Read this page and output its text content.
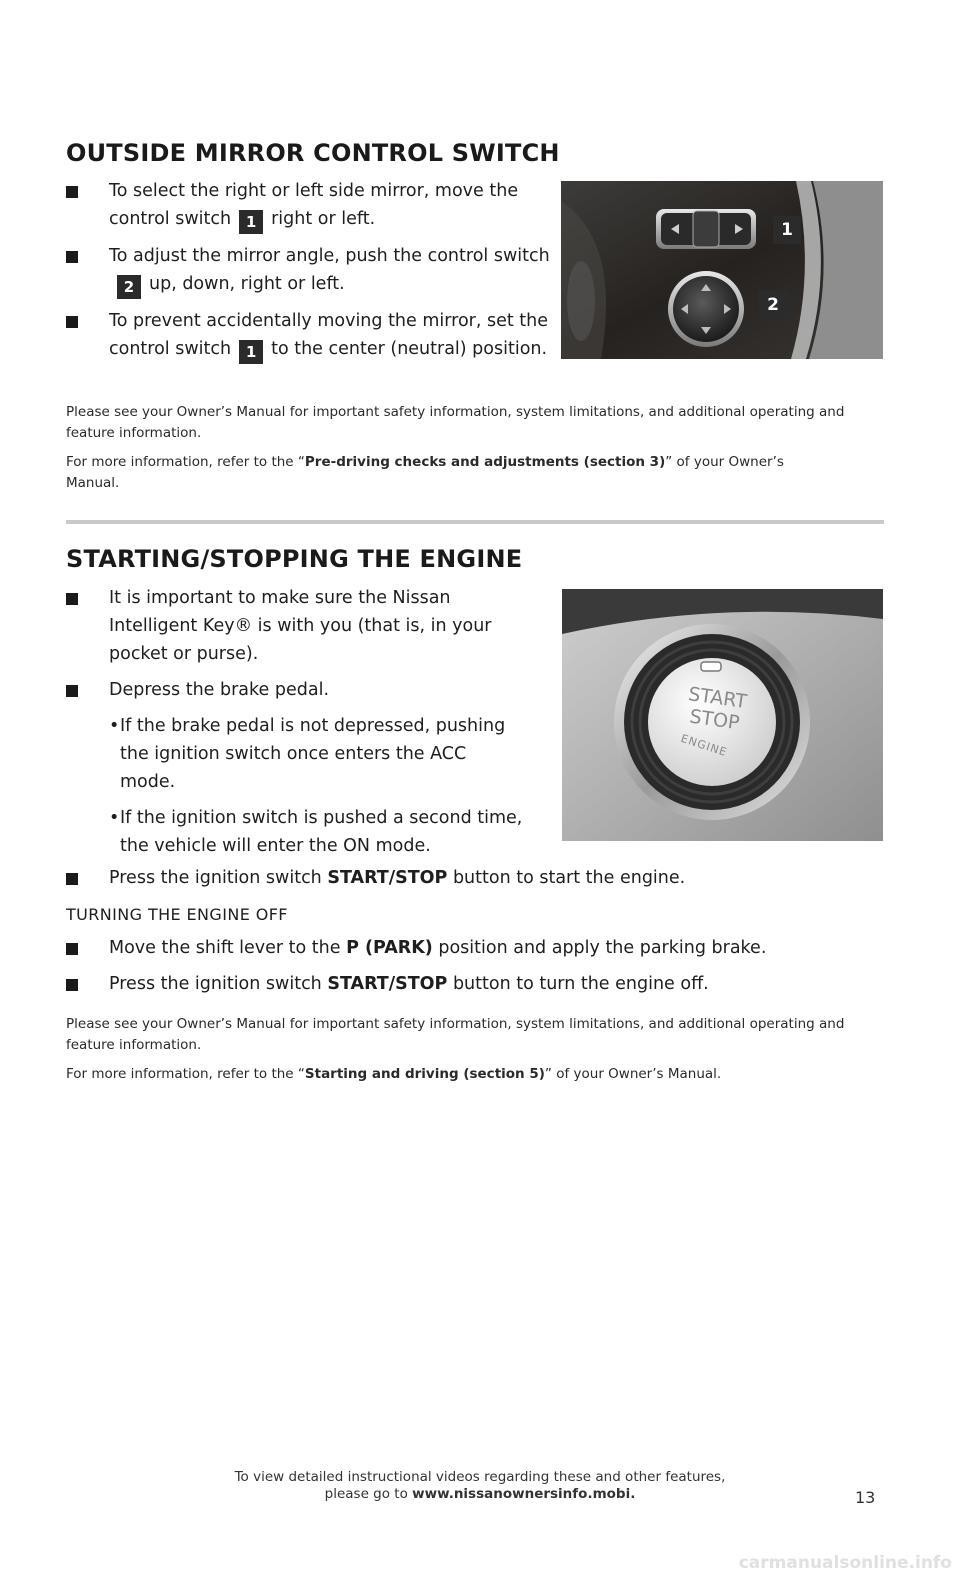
OUTSIDE MIRROR CONTROL SWITCH
To select the right or left side mirror, move the control switch 1 right or left.
To adjust the mirror angle, push the control switch2 up, down, right or left.
To prevent accidentally moving the mirror, set the control switch 1 to the center (neutral) position.
1
2

Please see your Owner’s Manual for important safety information, system limitations, and additional operating and feature information.

For more information, refer to the “Pre-driving checks and adjustments (section 3)” of your Owner’s Manual.

STARTING/STOPPING THE ENGINE
It is important to make sure the Nissan Intelligent Key® is with you (that is, in your pocket or purse).
Depress the brake pedal.
• If the brake pedal is not depressed, pushing the ignition switch once enters the ACC mode.
• If the ignition switch is pushed a second time, the vehicle will enter the ON mode.
Press the ignition switch START/STOP button to start the engine.

TURNING THE ENGINE OFF

Move the shift lever to the P (PARK) position and apply the parking brake.
Press the ignition switch START/STOP button to turn the engine off.
START
STOP
ENGINE

Please see your Owner’s Manual for important safety information, system limitations, and additional operating and feature information.

For more information, refer to the “Starting and driving (section 5)” of your Owner’s Manual.

To view detailed instructional videos regarding these and other features,
please go to www.nissanownersinfo.mobi.	13
carmanualsonline.info
